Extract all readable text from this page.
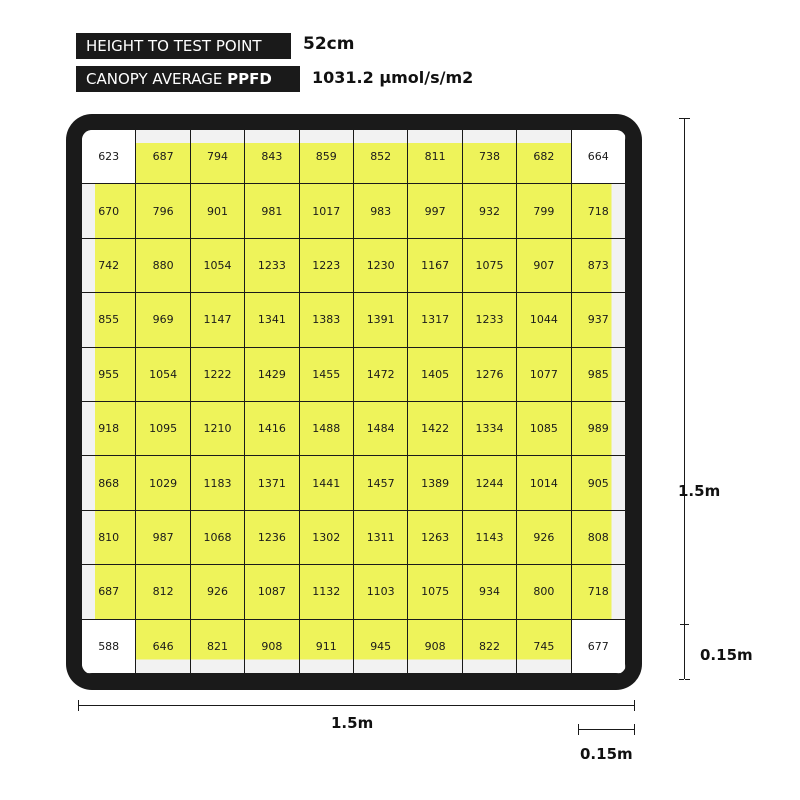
HEIGHT TO TEST POINT	52cm
CANOPY AVERAGE PPFD	1031.2 µmol/s/m2
623	687	794	843	859	852	811	738	682	664
670	796	901	981	1017	983	997	932	799	718
742	880	1054	1233	1223	1230	1167	1075	907	873
855	969	1147	1341	1383	1391	1317	1233	1044	937
955	1054	1222	1429	1455	1472	1405	1276	1077	985
918	1095	1210	1416	1488	1484	1422	1334	1085	989
868	1029	1183	1371	1441	1457	1389	1244	1014	905
810	987	1068	1236	1302	1311	1263	1143	926	808
687	812	926	1087	1132	1103	1075	934	800	718
588	646	821	908	911	945	908	822	745	677
1.5m
0.15m
1.5m
0.15m
